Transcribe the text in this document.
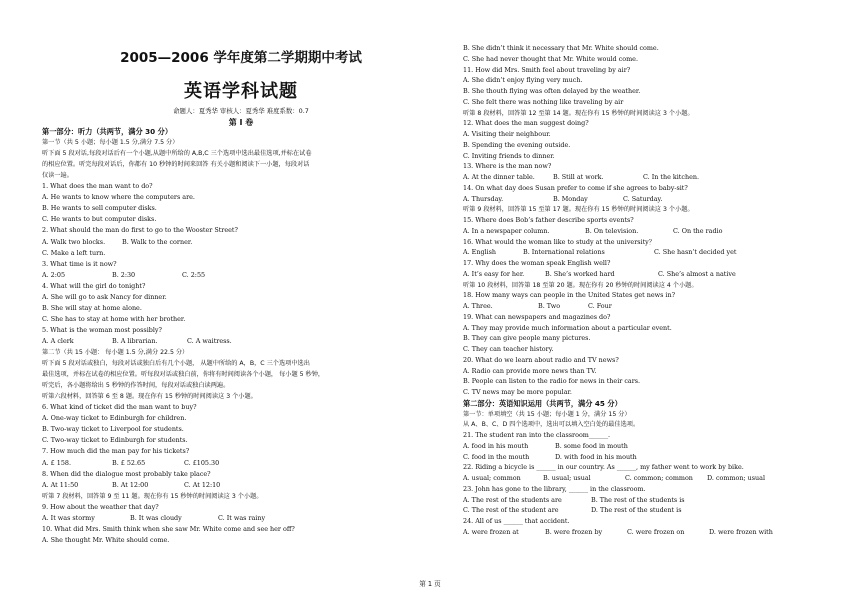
2005—2006 学年度第二学期期中考试
英语学科试题
命题人：夏秀华 审核人：夏秀华 难度系数：0.7
第 I 卷
第一部分：听力（共两节，满分 30 分）
第一节（共 5 小题；每小题 1.5 分,满分 7.5 分）
听下面 5 段对话,每段对话后有一个小题,从题中所给的 A,B,C 三个选项中选出最佳选项,并标在试卷
的相应位置。听完每段对话后，你都有 10 秒钟的时间来回答 有关小题和阅读下一小题，每段对话
仅读一遍。
1. What does the man want to do?
A. He wants to know where the computers are.
B. He wants to sell computer disks.
C. He wants to but computer disks.
2. What should the man do first to go to the Wooster Street?
A. Walk two blocks.	B. Walk to the corner.
C. Make a left turn.
3. What time is it now?
A. 2:05	B. 2:30	C. 2:55
4. What will the girl do tonight?
A. She will go to ask Nancy for dinner.
B. She will stay at home alone.
C. She has to stay at home with her brother.
5. What is the woman most possibly?
A. A clerk	B. A librarian.	C. A waitress.
第二节（共 15 小题： 每小题 1.5 分,满分 22.5 分）
听下面 5 段对话或独白，每段对话或独白后有几个小题， 从题中所给的 A，B，C 三个选项中选出
最佳选项，并标在试卷的相应位置。听每段对话或独白前，你将有时间阅读各个小题， 每小题 5 秒钟，
听完后，各小题将给出 5 秒钟的作答时间，每段对话或独白读两遍。
听第六段材料，回答第 6 至 8 题。现在你有 15 秒钟的时间阅读这 3 个小题。
6. What kind of ticket did the man want to buy?
A. One-way ticket to Edinburgh for children.
B. Two-way ticket to Liverpool for students.
C. Two-way ticket to Edinburgh for students.
7. How much did the man pay for his tickets?
A. £ 158.	B. £ 52.65	C. £105.30
8. When did the dialogue most probably take place?
A. At 11:50	B. At 12:00	C. At 12:10
听第 7 段材料，回答第 9 至 11 题。现在你有 15 秒钟的时间阅读这 3 个小题。
9. How about the weather that day?
A. It was stormy	B. It was cloudy	C. It was rainy
10. What did Mrs. Smith think when she saw Mr. White come and see her off?
A. She thought Mr. White should come.
B. She didn’t think it necessary that Mr. White should come.
C. She had never thought that Mr. White would come.
11. How did Mrs. Smith feel about traveling by air?
A. She didn’t enjoy flying very much.
B. She thouth flying was often delayed by the weather.
C. She felt there was nothing like traveling by air
听第 8 段材料，回答第 12 至第 14 题。现在你有 15 秒钟的时间阅读这 3 个小题。
12. What does the man suggest doing?
A. Visiting their neighbour.
B. Spending the evening outside.
C. Inviting friends to dinner.
13. Where is the man now?
A. At the dinner table.	B. Still at work.	C. In the kitchen.
14. On what day does Susan prefer to come if she agrees to baby-sit?
A. Thursday.	B. Monday	C. Saturday.
听第 9 段材料，回答第 15 至第 17 题。现在你有 15 秒钟的时间阅读这 3 个小题。
15. Where does Bob’s father describe sports events?
A. In a newspaper column.	B. On television.	C. On the radio
16. What would the woman like to study at the university？
A. English	B. International relations	C. She hasn’t decided yet
17. Why does the woman speak English well?
A. It’s easy for her.	B. She’s worked hard	C. She’s almost a native
听第 10 段材料，回答第 18 至第 20 题。现在你有 20 秒钟的时间阅读这 4 个小题。
18. How many ways can people in the United States get news in?
A. Three.	B. Two	C. Four
19. What can newspapers and magazines do?
A. They may provide much information about a particular event.
B. They can give people many pictures.
C. They can teacher history.
20. What do we learn about radio and TV news?
A. Radio can provide more news than TV.
B. People can listen to the radio for news in their cars.
C. TV news may be more popular.
第二部分：英语知识运用（共两节，满分 45 分）
第一节：单项填空（共 15 小题；每小题 1 分，满分 15 分）
从 A、B、C、D 四个选项中，选出可以填入空白处的最佳选项。
21. The student ran into the classroom______.
A. food in his mouth	B. some food in mouth
C. food in the mouth	D. with food in his mouth
22. Riding a bicycle is ______ in our country. As ______, my father went to work by bike.
A. usual; common	B. usual; usual	C. common; common	D. common; usual
23. John has gone to the library, ______ in the classroom.
A. The rest of the students are	B. The rest of the students is
C. The rest of the student are	D. The rest of the student is
24. All of us ______ that accident.
A. were frozen at	B. were frozen by	C. were frozen on	D. were frozen with
第 1 页
